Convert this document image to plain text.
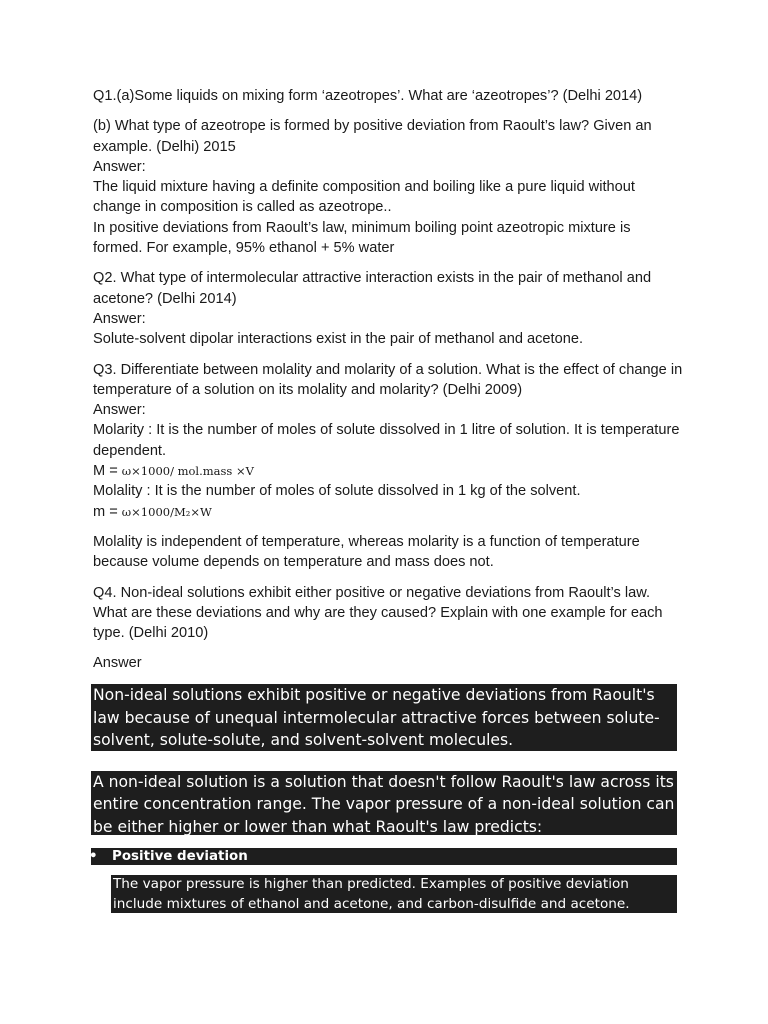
Q1.(a)Some liquids on mixing form ‘azeotropes’. What are ‘azeotropes’? (Delhi 2014)

(b) What type of azeotrope is formed by positive deviation from Raoult’s law? Given an example. (Delhi) 2015

Answer:

The liquid mixture having a definite composition and boiling like a pure liquid without change in composition is called as azeotrope..

In positive deviations from Raoult’s law, minimum boiling point azeotropic mixture is formed. For example, 95% ethanol + 5% water

Q2. What type of intermolecular attractive interaction exists in the pair of methanol and acetone? (Delhi 2014)

Answer:

Solute-solvent dipolar interactions exist in the pair of methanol and acetone.

Q3. Differentiate between molality and molarity of a solution. What is the effect of change in temperature of a solution on its molality and molarity? (Delhi 2009)

Answer:

Molarity : It is the number of moles of solute dissolved in 1 litre of solution. It is temperature dependent.

M = ω×1000/ mol.mass ×V

Molality : It is the number of moles of solute dissolved in 1 kg of the solvent.

m = ω×1000/M₂×W

Molality is independent of temperature, whereas molarity is a function of temperature because volume depends on temperature and mass does not.

Q4. Non-ideal solutions exhibit either positive or negative deviations from Raoult’s law. What are these deviations and why are they caused? Explain with one example for each type. (Delhi 2010)

Answer

Non-ideal solutions exhibit positive or negative deviations from Raoult's law because of unequal intermolecular attractive forces between solute-solvent, solute-solute, and solvent-solvent molecules.
A non-ideal solution is a solution that doesn't follow Raoult's law across its entire concentration range. The vapor pressure of a non-ideal solution can be either higher or lower than what Raoult's law predicts:
• Positive deviation
The vapor pressure is higher than predicted. Examples of positive deviation include mixtures of ethanol and acetone, and carbon-disulfide and acetone.
